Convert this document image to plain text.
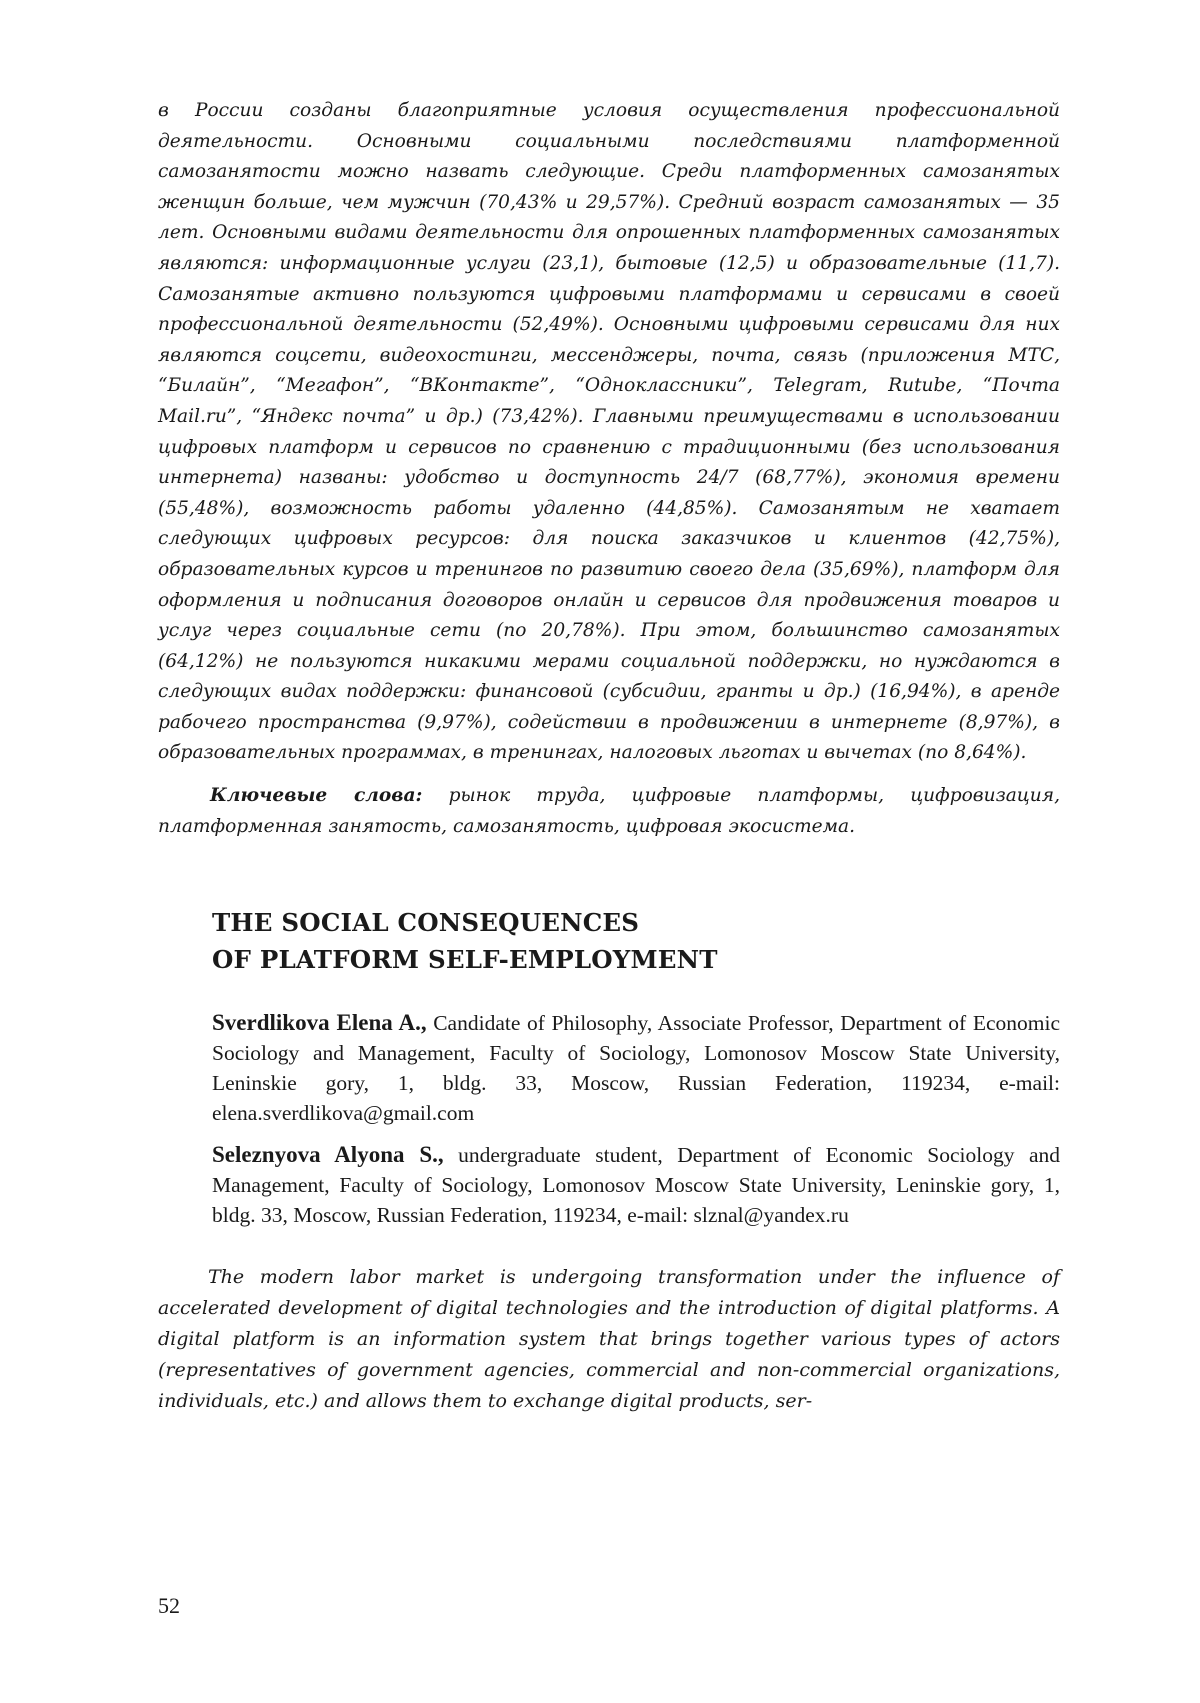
в России созданы благоприятные условия осуществления профессиональной деятельности. Основными социальными последствиями платформенной самозанятости можно назвать следующие. Среди платформенных самозанятых женщин больше, чем мужчин (70,43% и 29,57%). Средний возраст самозанятых — 35 лет. Основными видами деятельности для опрошенных платформенных самозанятых являются: информационные услуги (23,1), бытовые (12,5) и образовательные (11,7). Самозанятые активно пользуются цифровыми платформами и сервисами в своей профессиональной деятельности (52,49%). Основными цифровыми сервисами для них являются соцсети, видеохостинги, мессенджеры, почта, связь (приложения МТС, “Билайн”, “Мегафон”, “ВКонтакте”, “Одноклассники”, Telegram, Rutube, “Почта Mail.ru”, “Яндекс почта” и др.) (73,42%). Главными преимуществами в использовании цифровых платформ и сервисов по сравнению с традиционными (без использования интернета) названы: удобство и доступность 24/7 (68,77%), экономия времени (55,48%), возможность работы удаленно (44,85%). Самозанятым не хватает следующих цифровых ресурсов: для поиска заказчиков и клиентов (42,75%), образовательных курсов и тренингов по развитию своего дела (35,69%), платформ для оформления и подписания договоров онлайн и сервисов для продвижения товаров и услуг через социальные сети (по 20,78%). При этом, большинство самозанятых (64,12%) не пользуются никакими мерами социальной поддержки, но нуждаются в следующих видах поддержки: финансовой (субсидии, гранты и др.) (16,94%), в аренде рабочего пространства (9,97%), содействии в продвижении в интернете (8,97%), в образовательных программах, в тренингах, налоговых льготах и вычетах (по 8,64%).

Ключевые слова: рынок труда, цифровые платформы, цифровизация, платформенная занятость, самозанятость, цифровая экосистема.

THE SOCIAL CONSEQUENCES
OF PLATFORM SELF-EMPLOYMENT

Sverdlikova Elena A., Candidate of Philosophy, Associate Professor, Department of Economic Sociology and Management, Faculty of Sociology, Lomonosov Moscow State University, Leninskie gory, 1, bldg. 33, Moscow, Russian Federation, 119234, e-mail: elena.sverdlikova@gmail.com

Seleznyova Alyona S., undergraduate student, Department of Economic Sociology and Management, Faculty of Sociology, Lomonosov Moscow State University, Leninskie gory, 1, bldg. 33, Moscow, Russian Federation, 119234, e-mail: slznal@yandex.ru

The modern labor market is undergoing transformation under the influence of accelerated development of digital technologies and the introduction of digital platforms. A digital platform is an information system that brings together various types of actors (representatives of government agencies, commercial and non-commercial organizations, individuals, etc.) and allows them to exchange digital products, ser-

52
